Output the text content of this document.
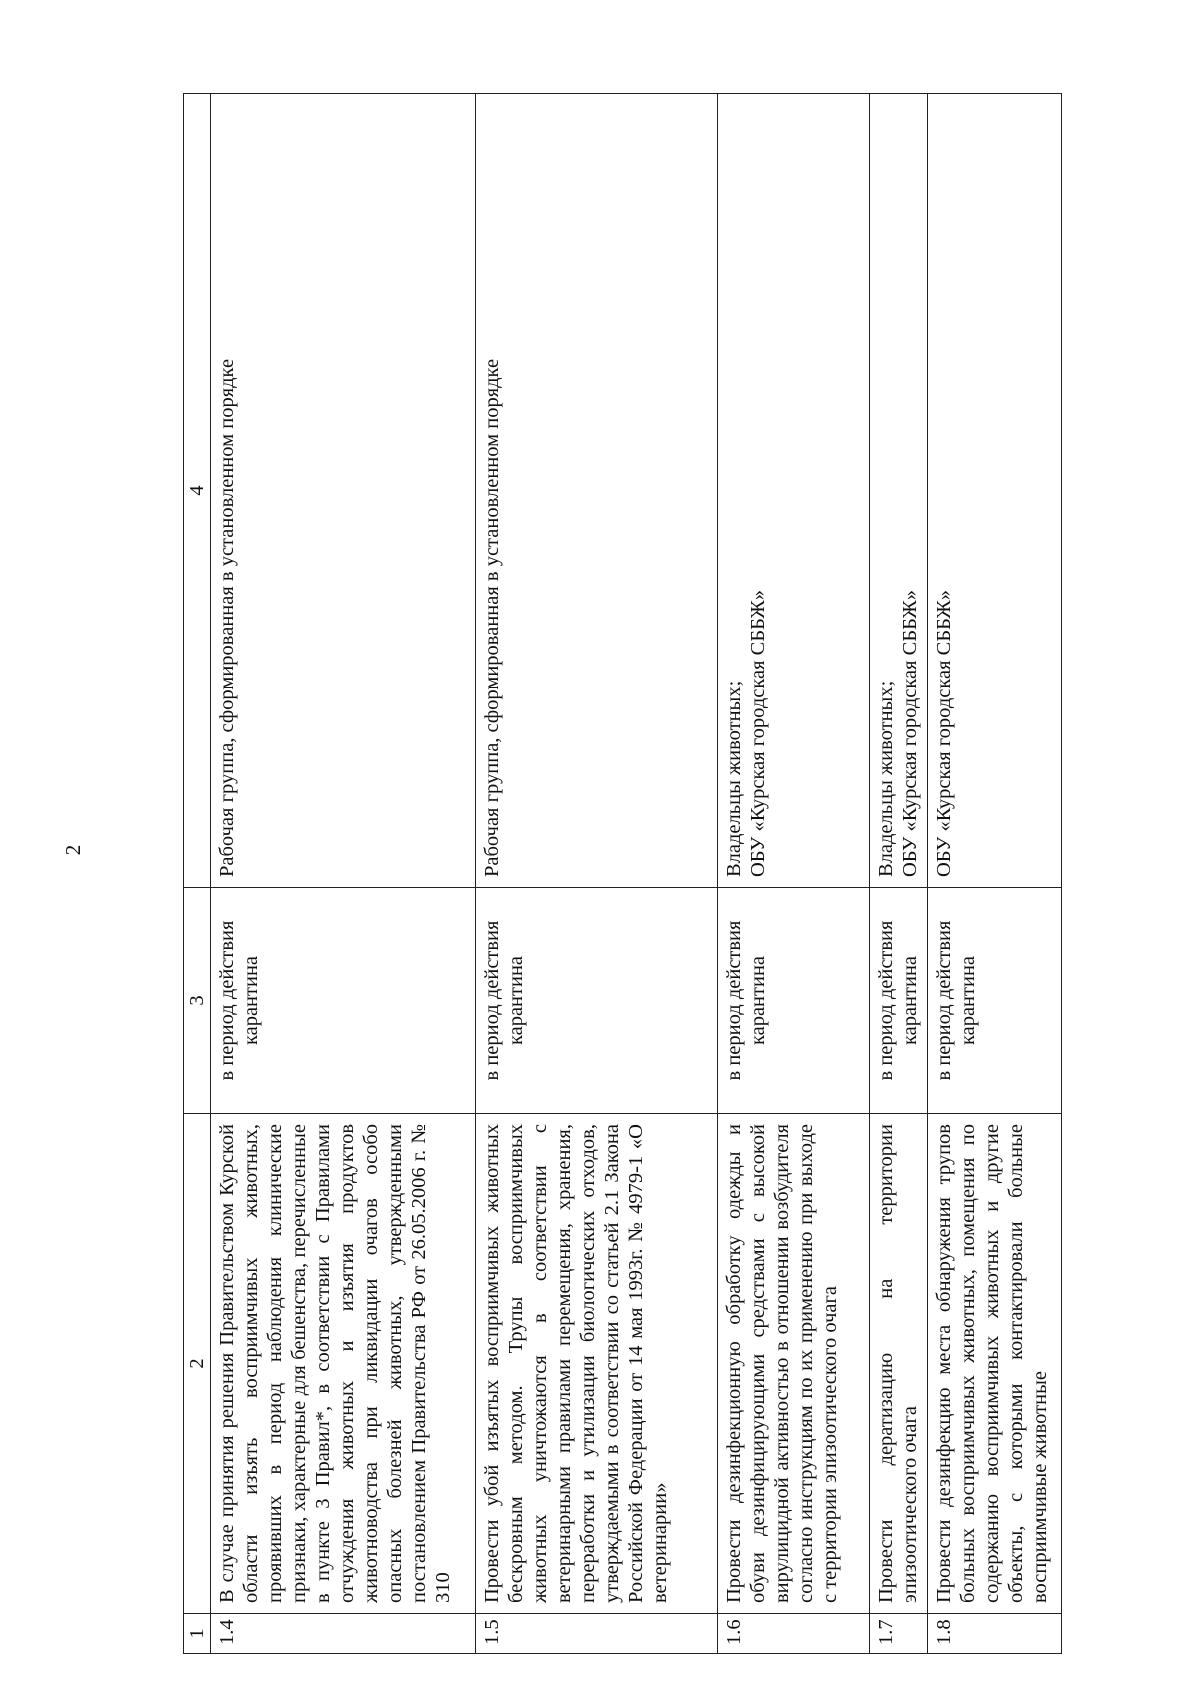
2
1	2	3	4
1.4	В случае принятия решения Правительством Курской области изъять восприимчивых животных, проявивших в период наблюдения клинические признаки, характерные для бешенства, перечисленные в пункте 3 Правил*, в соответствии с Правилами отчуждения животных и изъятия продуктов животноводства при ликвидации очагов особо опасных болезней животных, утвержденными постановлением Правительства РФ от 26.05.2006 г. № 310	в период действия карантина	Рабочая группа, сформированная в установленном порядке

1.5	Провести убой изъятых восприимчивых животных бескровным методом. Трупы восприимчивых животных уничтожаются в соответствии с ветеринарными правилами перемещения, хранения, переработки и утилизации биологических отходов, утверждаемыми в соответствии со статьей 2.1 Закона Российской Федерации от 14 мая 1993г. № 4979-1 «О ветеринарии»	в период действия карантина	Рабочая группа, сформированная в установленном порядке

1.6	Провести дезинфекционную обработку одежды и обуви дезинфицирующими средствами с высокой вирулицидной активностью в отношении возбудителя согласно инструкциям по их применению при выходе с территории эпизоотического очага	в период действия карантина	Владельцы животных; ОБУ «Курская городская СББЖ»

1.7	Провести дератизацию на территории эпизоотического очага	в период действия карантина	Владельцы животных; ОБУ «Курская городская СББЖ»

1.8	Провести дезинфекцию места обнаружения трупов больных восприимчивых животных, помещения по содержанию восприимчивых животных и другие объекты, с которыми контактировали больные восприимчивые животные	в период действия карантина	ОБУ «Курская городская СББЖ»
